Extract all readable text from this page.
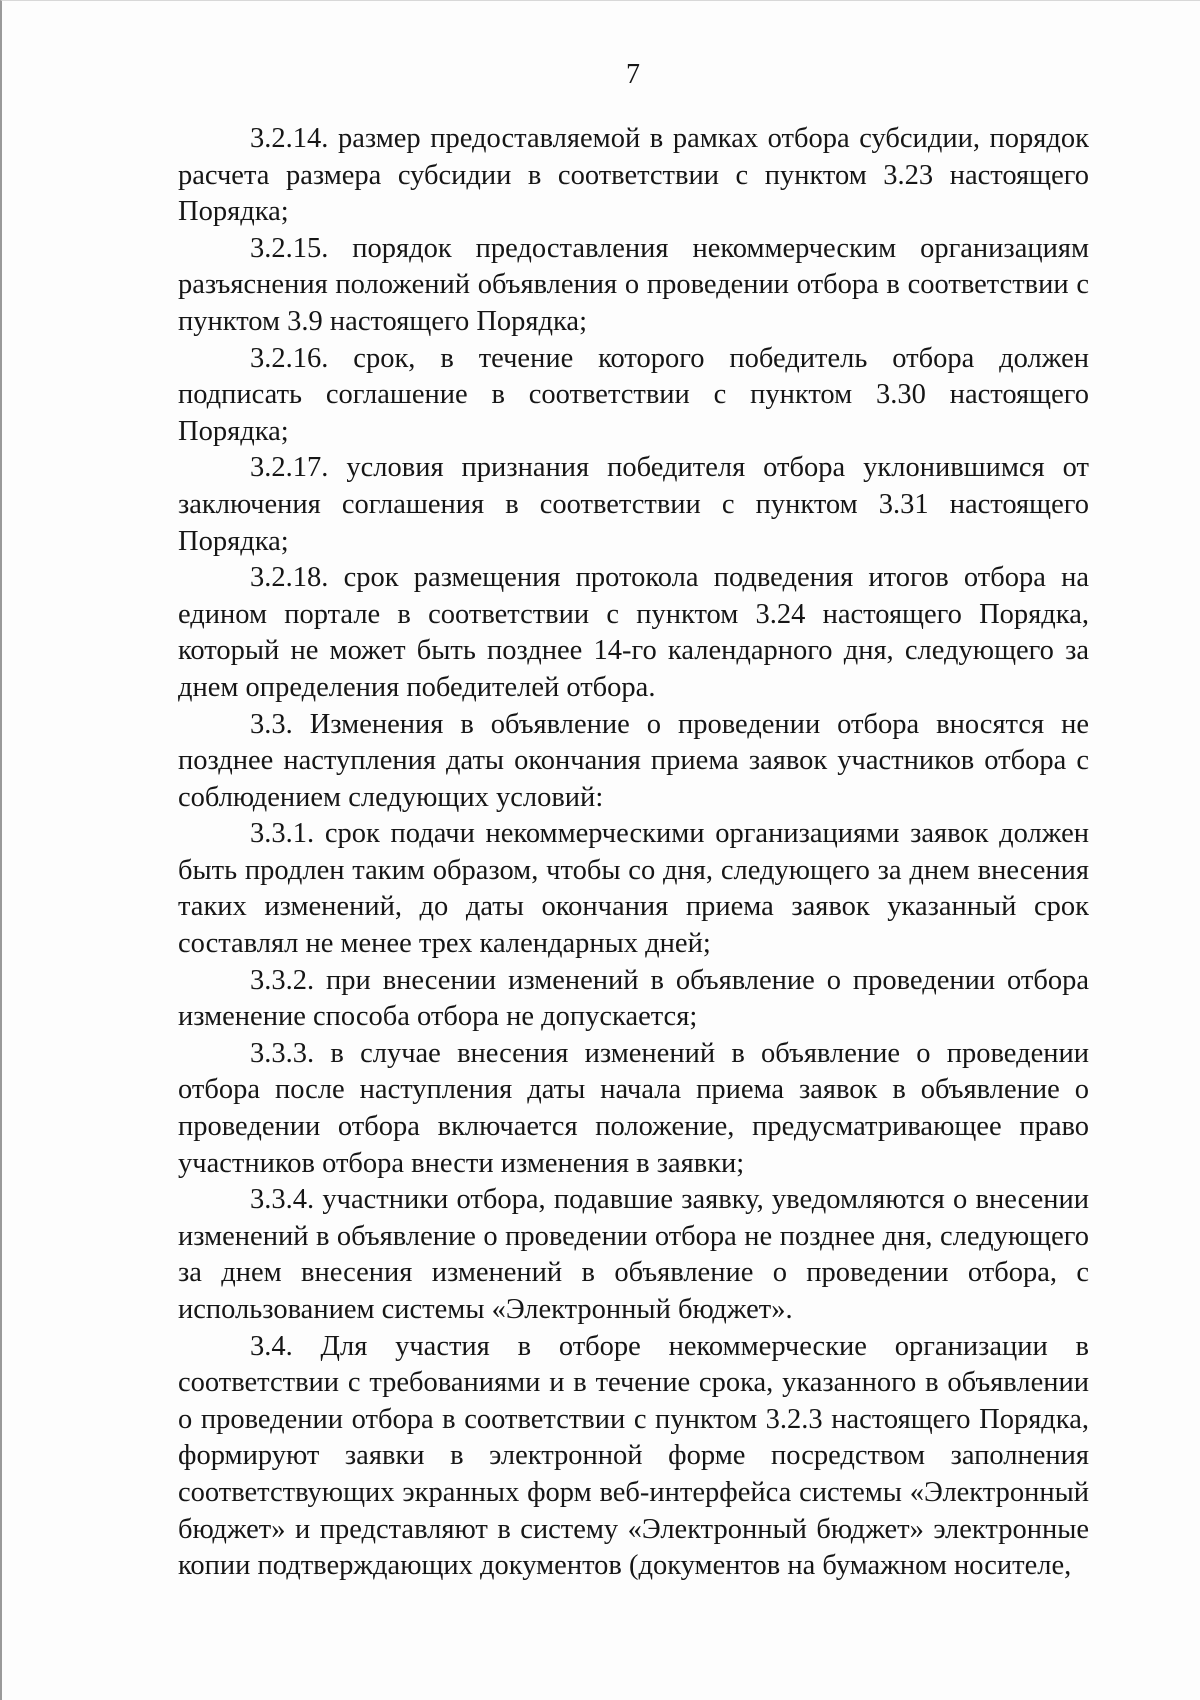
7

3.2.14. размер предоставляемой в рамках отбора субсидии, порядок расчета размера субсидии в соответствии с пунктом 3.23 настоящего Порядка;

3.2.15. порядок предоставления некоммерческим организациям разъяснения положений объявления о проведении отбора в соответствии с пунктом 3.9 настоящего Порядка;

3.2.16. срок, в течение которого победитель отбора должен подписать соглашение в соответствии с пунктом 3.30 настоящего Порядка;

3.2.17. условия признания победителя отбора уклонившимся от заключения соглашения в соответствии с пунктом 3.31 настоящего Порядка;

3.2.18. срок размещения протокола подведения итогов отбора на едином портале в соответствии с пунктом 3.24 настоящего Порядка, который не может быть позднее 14-го календарного дня, следующего за днем определения победителей отбора.

3.3. Изменения в объявление о проведении отбора вносятся не позднее наступления даты окончания приема заявок участников отбора с соблюдением следующих условий:

3.3.1. срок подачи некоммерческими организациями заявок должен быть продлен таким образом, чтобы со дня, следующего за днем внесения таких изменений, до даты окончания приема заявок указанный срок составлял не менее трех календарных дней;

3.3.2. при внесении изменений в объявление о проведении отбора изменение способа отбора не допускается;

3.3.3. в случае внесения изменений в объявление о проведении отбора после наступления даты начала приема заявок в объявление о проведении отбора включается положение, предусматривающее право участников отбора внести изменения в заявки;

3.3.4. участники отбора, подавшие заявку, уведомляются о внесении изменений в объявление о проведении отбора не позднее дня, следующего за днем внесения изменений в объявление о проведении отбора, с использованием системы «Электронный бюджет».

3.4. Для участия в отборе некоммерческие организации в соответствии с требованиями и в течение срока, указанного в объявлении о проведении отбора в соответствии с пунктом 3.2.3 настоящего Порядка, формируют заявки в электронной форме посредством заполнения соответствующих экранных форм веб-интерфейса системы «Электронный бюджет» и представляют в систему «Электронный бюджет» электронные копии подтверждающих документов (документов на бумажном носителе,
